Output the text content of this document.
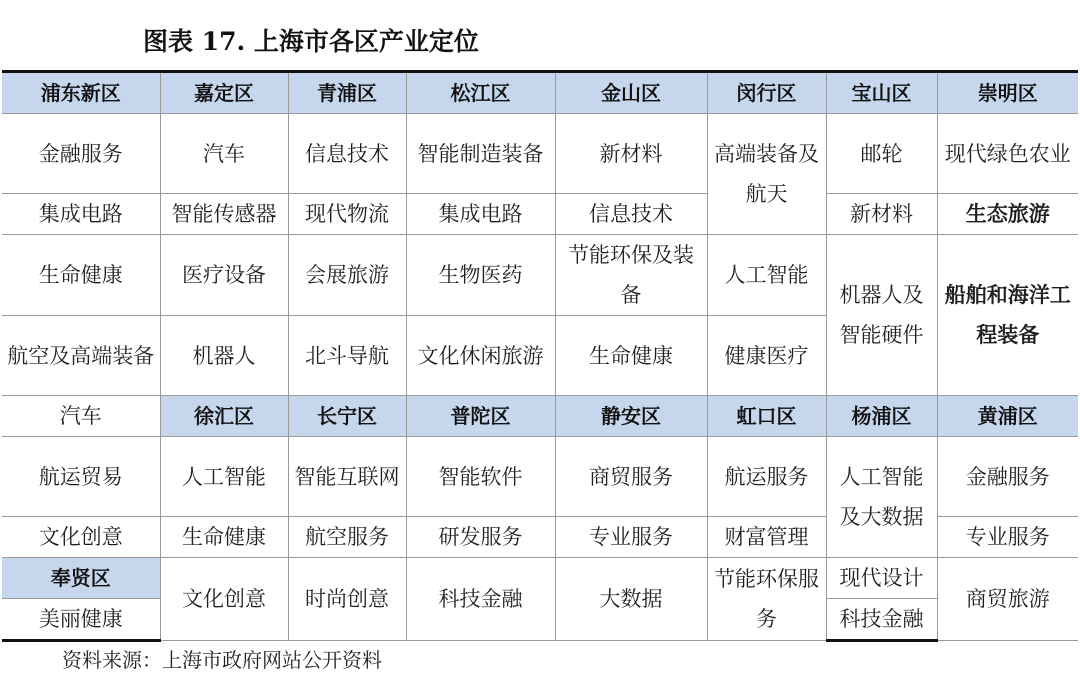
图表 17. 上海市各区产业定位
浦东新区	嘉定区	青浦区	松江区	金山区	闵行区	宝山区	崇明区
金融服务	汽车	信息技术	智能制造装备	新材料	高端装备及航天	邮轮	现代绿色农业
集成电路	智能传感器	现代物流	集成电路	信息技术		新材料	生态旅游
生命健康	医疗设备	会展旅游	生物医药	节能环保及装备	人工智能	机器人及智能硬件	船舶和海洋工程装备
航空及高端装备	机器人	北斗导航	文化休闲旅游	生命健康	健康医疗		
汽车	徐汇区	长宁区	普陀区	静安区	虹口区	杨浦区	黄浦区
航运贸易	人工智能	智能互联网	智能软件	商贸服务	航运服务	人工智能及大数据	金融服务
文化创意	生命健康	航空服务	研发服务	专业服务	财富管理		专业服务
奉贤区	文化创意	时尚创意	科技金融	大数据	节能环保服务	现代设计	商贸旅游
美丽健康						科技金融	
资料来源：上海市政府网站公开资料
